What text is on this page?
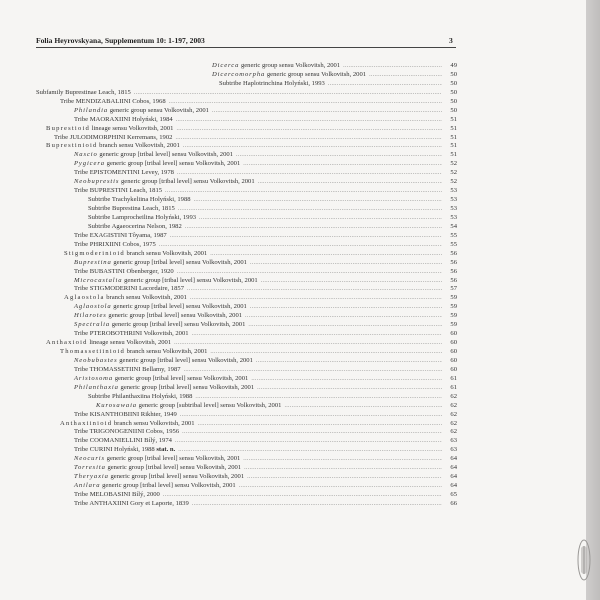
Folia Heyrovskyana, Supplementum 10: 1-197, 2003	3
Dicerca generic group sensu Volkovitsh, 2001 .....	49
Dicercomorpha generic group sensu Volkovitsh, 2001 .....	50
Subtribe Haplotrinchina Holyński, 1993 .....	50
Subfamily Buprestinae Leach, 1815 .....	50
Tribe MENDIZABALIINI Cobos, 1968 .....	50
Philandia generic group sensu Volkovitsh, 2001 .....	50
Tribe MAORAXIINI Holyński, 1984 .....	51
Buprestioid lineage sensu Volkovitsh, 2001 .....	51
Tribe JULODIMORPHINI Kerremans, 1902 .....	51
Buprestinioid branch sensu Volkovitsh, 2001 .....	51
Nascio generic group [tribal level] sensu Volkovitsh, 2001 .....	51
Pygicera generic group [tribal level] sensu Volkovitsh, 2001 .....	52
Tribe EPISTOMENTINI Levey, 1978 .....	52
Neobuprestis generic group [tribal level] sensu Volkovitsh, 2001 .....	52
Tribe BUPRESTINI Leach, 1815 .....	53
Subtribe Trachykeliina Holyński, 1988 .....	53
Subtribe Buprestina Leach, 1815 .....	53
Subtribe Lamprocheilina Holyński, 1993 .....	53
Subtribe Agaeocerina Nelson, 1982 .....	54
Tribe EXAGISTINI Tôyama, 1987 .....	55
Tribe PHRIXIINI Cobos, 1975 .....	55
Stigmoderinioid branch sensu Volkovitsh, 2001 .....	56
Buprestina generic group [tribal level] sensu Volkovitsh, 2001 .....	56
Tribe BUBASTINI Obenberger, 1920 .....	56
Microcastalia generic group [tribal level] sensu Volkovitsh, 2001 .....	56
Tribe STIGMODERINI Lacordaire, 1857 .....	57
Aglaostola branch sensu Volkovitsh, 2001 .....	59
Aglaostola generic group [tribal level] sensu Volkovitsh, 2001 .....	59
Hilarotes generic group [tribal level] sensu Volkovitsh, 2001 .....	59
Spectralia generic group [tribal level] sensu Volkovitsh, 2001 .....	59
Tribe PTEROBOTHRINI Volkovitsh, 2001 .....	60
Anthaxioid lineage sensu Volkovitsh, 2001 .....	60
Thomassetiinioid branch sensu Volkovitsh, 2001 .....	60
Neobubastes generic group [tribal level] sensu Volkovitsh, 2001 .....	60
Tribe THOMASSETIINI Bellamy, 1987 .....	60
Aristosoma generic group [tribal level] sensu Volkovitsh, 2001 .....	61
Philanthaxia generic group [tribal level] sensu Volkovitsh, 2001 .....	61
Subtribe Philanthaxiina Holyński, 1988 .....	62
Kurosawaia generic group [subtribal level] sensu Volkovitsh, 2001 .....	62
Tribe KISANTHOBIINI Rikhter, 1949 .....	62
Anthaxiinioid branch sensu Volkovitsh, 2001 .....	62
Tribe TRIGONOGENIINI Cobos, 1956 .....	62
Tribe COOMANIELLINI Bílý, 1974 .....	63
Tribe CURINI Holyński, 1988 stat. n. .....	63
Neocuris generic group [tribal level] sensu Volkovitsh, 2001 .....	64
Torresita generic group [tribal level] sensu Volkovitsh, 2001 .....	64
Theryaxia generic group [tribal level] sensu Volkovitsh, 2001 .....	64
Anilara generic group [tribal level] sensu Volkovitsh, 2001 .....	64
Tribe MELOBASINI Bílý, 2000 .....	65
Tribe ANTHAXIINI Gory et Laporte, 1839 .....	66
